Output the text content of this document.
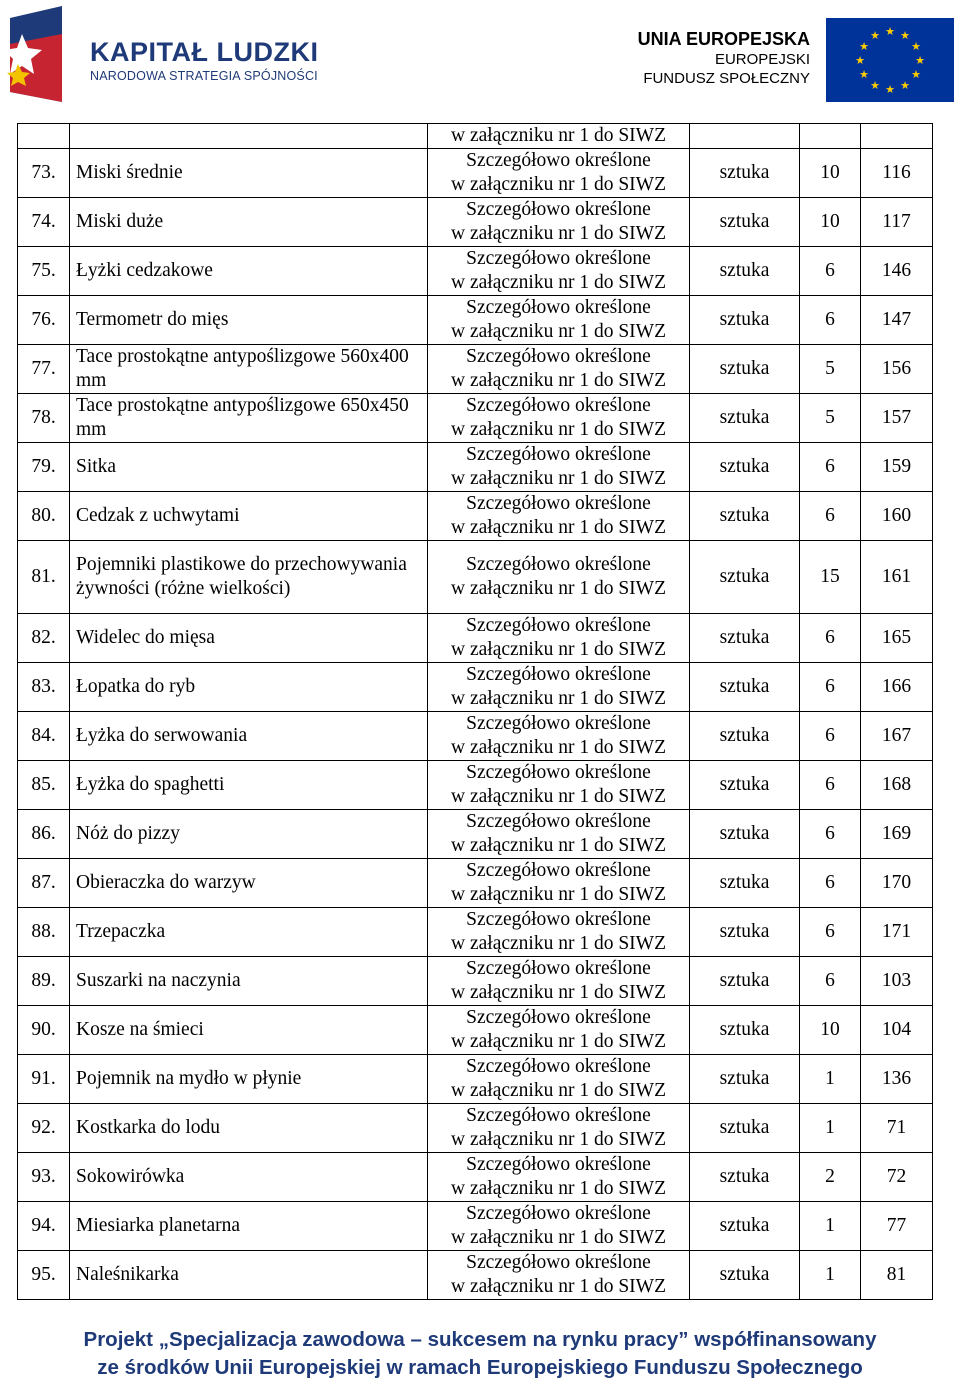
KAPITAŁ LUDZKI
NARODOWA STRATEGIA SPÓJNOŚCI
UNIA EUROPEJSKA
EUROPEJSKI
FUNDUSZ SPOŁECZNY
★ ★
★
★
★
★
★
★
★
★
★
★

		w załączniku nr 1 do SIWZ			

73.	Miski średnie	Szczegółowo określone
w załączniku nr 1 do SIWZ	sztuka	10	116
74.	Miski duże	Szczegółowo określone
w załączniku nr 1 do SIWZ	sztuka	10	117
75.	Łyżki cedzakowe	Szczegółowo określone
w załączniku nr 1 do SIWZ	sztuka	6	146
76.	Termometr do mięs	Szczegółowo określone
w załączniku nr 1 do SIWZ	sztuka	6	147
77.	Tace prostokątne antypoślizgowe 560x400 mm	Szczegółowo określone
w załączniku nr 1 do SIWZ	sztuka	5	156
78.	Tace prostokątne antypoślizgowe 650x450 mm	Szczegółowo określone
w załączniku nr 1 do SIWZ	sztuka	5	157
79.	Sitka	Szczegółowo określone
w załączniku nr 1 do SIWZ	sztuka	6	159
80.	Cedzak z uchwytami	Szczegółowo określone
w załączniku nr 1 do SIWZ	sztuka	6	160
81.	Pojemniki plastikowe do przechowywania żywności (różne wielkości)	Szczegółowo określone
w załączniku nr 1 do SIWZ	sztuka	15	161
82.	Widelec do mięsa	Szczegółowo określone
w załączniku nr 1 do SIWZ	sztuka	6	165
83.	Łopatka do ryb	Szczegółowo określone
w załączniku nr 1 do SIWZ	sztuka	6	166
84.	Łyżka do serwowania	Szczegółowo określone
w załączniku nr 1 do SIWZ	sztuka	6	167
85.	Łyżka do spaghetti	Szczegółowo określone
w załączniku nr 1 do SIWZ	sztuka	6	168
86.	Nóż do pizzy	Szczegółowo określone
w załączniku nr 1 do SIWZ	sztuka	6	169
87.	Obieraczka do warzyw	Szczegółowo określone
w załączniku nr 1 do SIWZ	sztuka	6	170
88.	Trzepaczka	Szczegółowo określone
w załączniku nr 1 do SIWZ	sztuka	6	171
89.	Suszarki na naczynia	Szczegółowo określone
w załączniku nr 1 do SIWZ	sztuka	6	103
90.	Kosze na śmieci	Szczegółowo określone
w załączniku nr 1 do SIWZ	sztuka	10	104
91.	Pojemnik na mydło w płynie	Szczegółowo określone
w załączniku nr 1 do SIWZ	sztuka	1	136
92.	Kostkarka do lodu	Szczegółowo określone
w załączniku nr 1 do SIWZ	sztuka	1	71
93.	Sokowirówka	Szczegółowo określone
w załączniku nr 1 do SIWZ	sztuka	2	72
94.	Miesiarka planetarna	Szczegółowo określone
w załączniku nr 1 do SIWZ	sztuka	1	77
95.	Naleśnikarka	Szczegółowo określone
w załączniku nr 1 do SIWZ	sztuka	1	81
Projekt „Specjalizacja zawodowa – sukcesem na rynku pracy” współfinansowany
ze środków Unii Europejskiej w ramach Europejskiego Funduszu Społecznego
